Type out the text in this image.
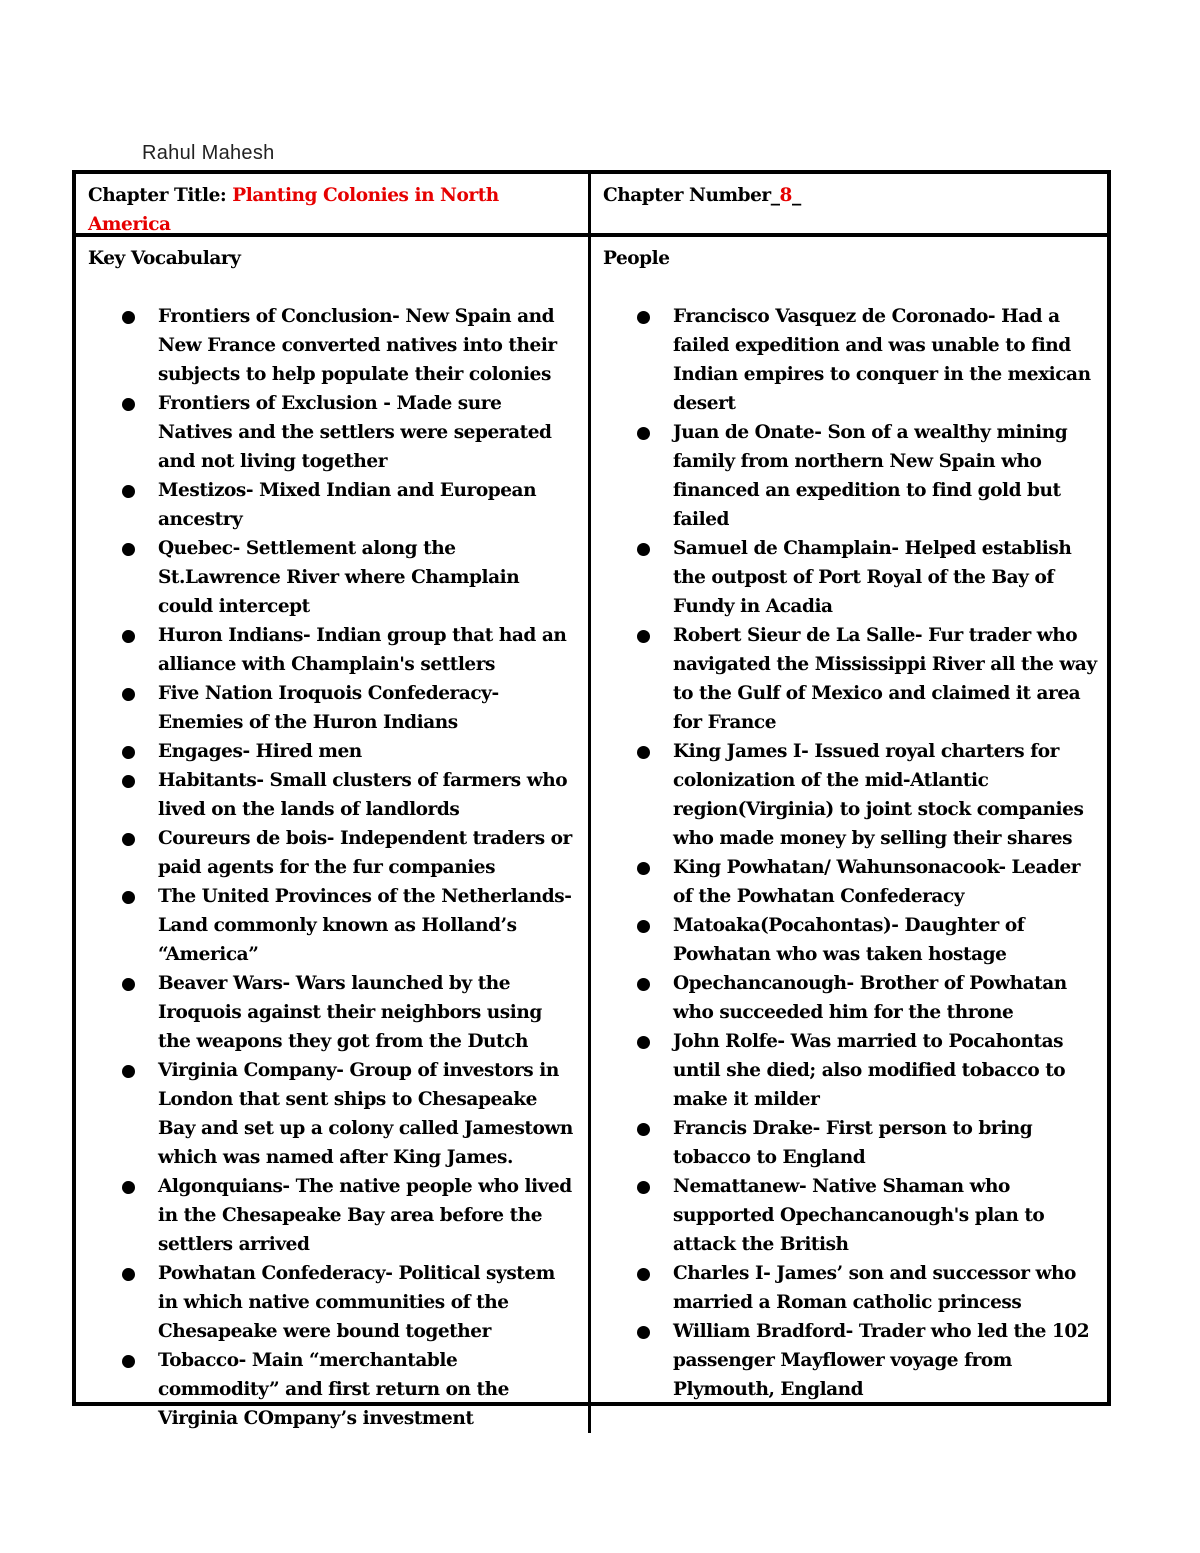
Rahul Mahesh
Chapter Title: Planting Colonies in North America
Chapter Number_8_
Key Vocabulary
Frontiers of Conclusion- New Spain and New France converted natives into their subjects to help populate their colonies
Frontiers of Exclusion - Made sure Natives and the settlers were seperated and not living together
Mestizos- Mixed Indian and European ancestry
Quebec- Settlement along the St.Lawrence River where Champlain could intercept
Huron Indians- Indian group that had an alliance with Champlain's settlers
Five Nation Iroquois Confederacy- Enemies of the Huron Indians
Engages- Hired men
Habitants- Small clusters of farmers who lived on the lands of landlords
Coureurs de bois- Independent traders or paid agents for the fur companies
The United Provinces of the Netherlands- Land commonly known as Holland’s “America”
Beaver Wars- Wars launched by the Iroquois against their neighbors using the weapons they got from the Dutch
Virginia Company- Group of investors in London that sent ships to Chesapeake Bay and set up a colony called Jamestown which was named after King James.
Algonquians- The native people who lived in the Chesapeake Bay area before the settlers arrived
Powhatan Confederacy- Political system in which native communities of the Chesapeake were bound together
Tobacco- Main “merchantable commodity” and first return on the Virginia COmpany’s investment
People
Francisco Vasquez de Coronado- Had a failed expedition and was unable to find Indian empires to conquer in the mexican desert
Juan de Onate- Son of a wealthy mining family from northern New Spain who financed an expedition to find gold but failed
Samuel de Champlain- Helped establish the outpost of Port Royal of the Bay of Fundy in Acadia
Robert Sieur de La Salle- Fur trader who navigated the Mississippi River all the way to the Gulf of Mexico and claimed it area for France
King James I- Issued royal charters for colonization of the mid-Atlantic region(Virginia) to joint stock companies who made money by selling their shares
King Powhatan/ Wahunsonacook- Leader of the Powhatan Confederacy
Matoaka(Pocahontas)- Daughter of Powhatan who was taken hostage
Opechancanough- Brother of Powhatan who succeeded him for the throne
John Rolfe- Was married to Pocahontas until she died; also modified tobacco to make it milder
Francis Drake- First person to bring tobacco to England
Nemattanew- Native Shaman who supported Opechancanough's plan to attack the British
Charles I- James’ son and successor who married a Roman catholic princess
William Bradford- Trader who led the 102 passenger Mayflower voyage from Plymouth, England
